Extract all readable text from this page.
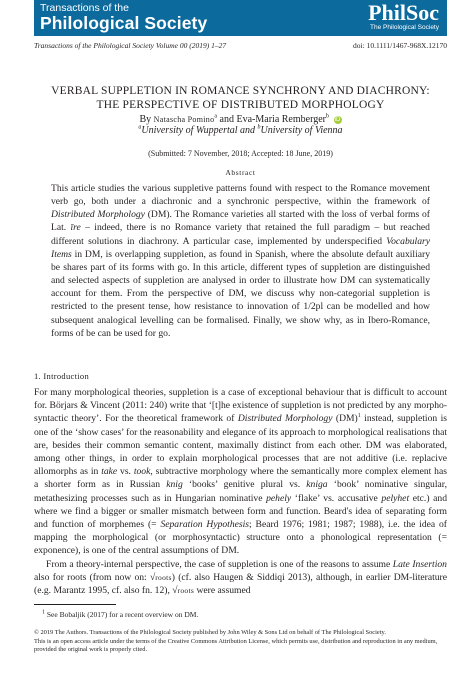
Transactions of the
Philological Society	PhilSoc
The Philological Society
Transactions of the Philological Society Volume 00 (2019) 1–27	doi: 10.1111/1467-968X.12170
VERBAL SUPPLETION IN ROMANCE SYNCHRONY AND DIACHRONY:
THE PERSPECTIVE OF DISTRIBUTED MORPHOLOGY
By Natascha Pomino$^a$ and Eva-Maria Remberger$^b$ iD
$^a$University of Wuppertal and $^b$University of Vienna
(Submitted: 7 November, 2018; Accepted: 18 June, 2019)
Abstract

This article studies the various suppletive patterns found with respect to the Romance movement verb go, both under a diachronic and a synchronic perspective, within the framework of Distributed Morphology (DM). The Romance varieties all started with the loss of verbal forms of Lat. īre – indeed, there is no Romance variety that retained the full paradigm – but reached different solutions in diachrony. A particular case, implemented by underspecified Vocabulary Items in DM, is overlapping suppletion, as found in Spanish, where the absolute default auxiliary be shares part of its forms with go. In this article, different types of suppletion are distinguished and selected aspects of suppletion are analysed in order to illustrate how DM can systematically account for them. From the perspective of DM, we discuss why non-categorial suppletion is restricted to the present tense, how resistance to innovation of 1/2pl can be modelled and how subsequent analogical levelling can be formalised. Finally, we show why, as in Ibero-Romance, forms of be can be used for go.

1. Introduction

For many morphological theories, suppletion is a case of exceptional behaviour that is difficult to account for. Börjars & Vincent (2011: 240) write that ‘[t]he existence of suppletion is not predicted by any morpho-syntactic theory’. For the theoretical framework of Distributed Morphology (DM)$^1$ instead, suppletion is one of the ‘show cases’ for the reasonability and elegance of its approach to morphological realisations that are, besides their common semantic content, maximally distinct from each other. DM was elaborated, among other things, in order to explain morphological processes that are not additive (i.e. replacive allomorphs as in take vs. took, subtractive morphology where the semantically more complex element has a shorter form as in Russian knig ‘books’ genitive plural vs. kniga ‘book’ nominative singular, metathesizing processes such as in Hungarian nominative pehely ‘flake’ vs. accusative pelyhet etc.) and where we find a bigger or smaller mismatch between form and function. Beard's idea of separating form and function of morphemes (= Separation Hypothesis; Beard 1976; 1981; 1987; 1988), i.e. the idea of mapping the morphological (or morphosyntactic) structure onto a phonological representation (= exponence), is one of the central assumptions of DM.

From a theory-internal perspective, the case of suppletion is one of the reasons to assume Late Insertion also for roots (from now on: √roots) (cf. also Haugen & Siddiqi 2013), although, in earlier DM-literature (e.g. Marantz 1995, cf. also fn. 12), √roots were assumed

$^1$ See Bobaljik (2017) for a recent overview on DM.
© 2019 The Authors. Transactions of the Philological Society published by John Wiley & Sons Ltd on behalf of The Philological Society.
This is an open access article under the terms of the Creative Commons Attribution License, which permits use, distribution and reproduction in any medium, provided the original work is properly cited.
